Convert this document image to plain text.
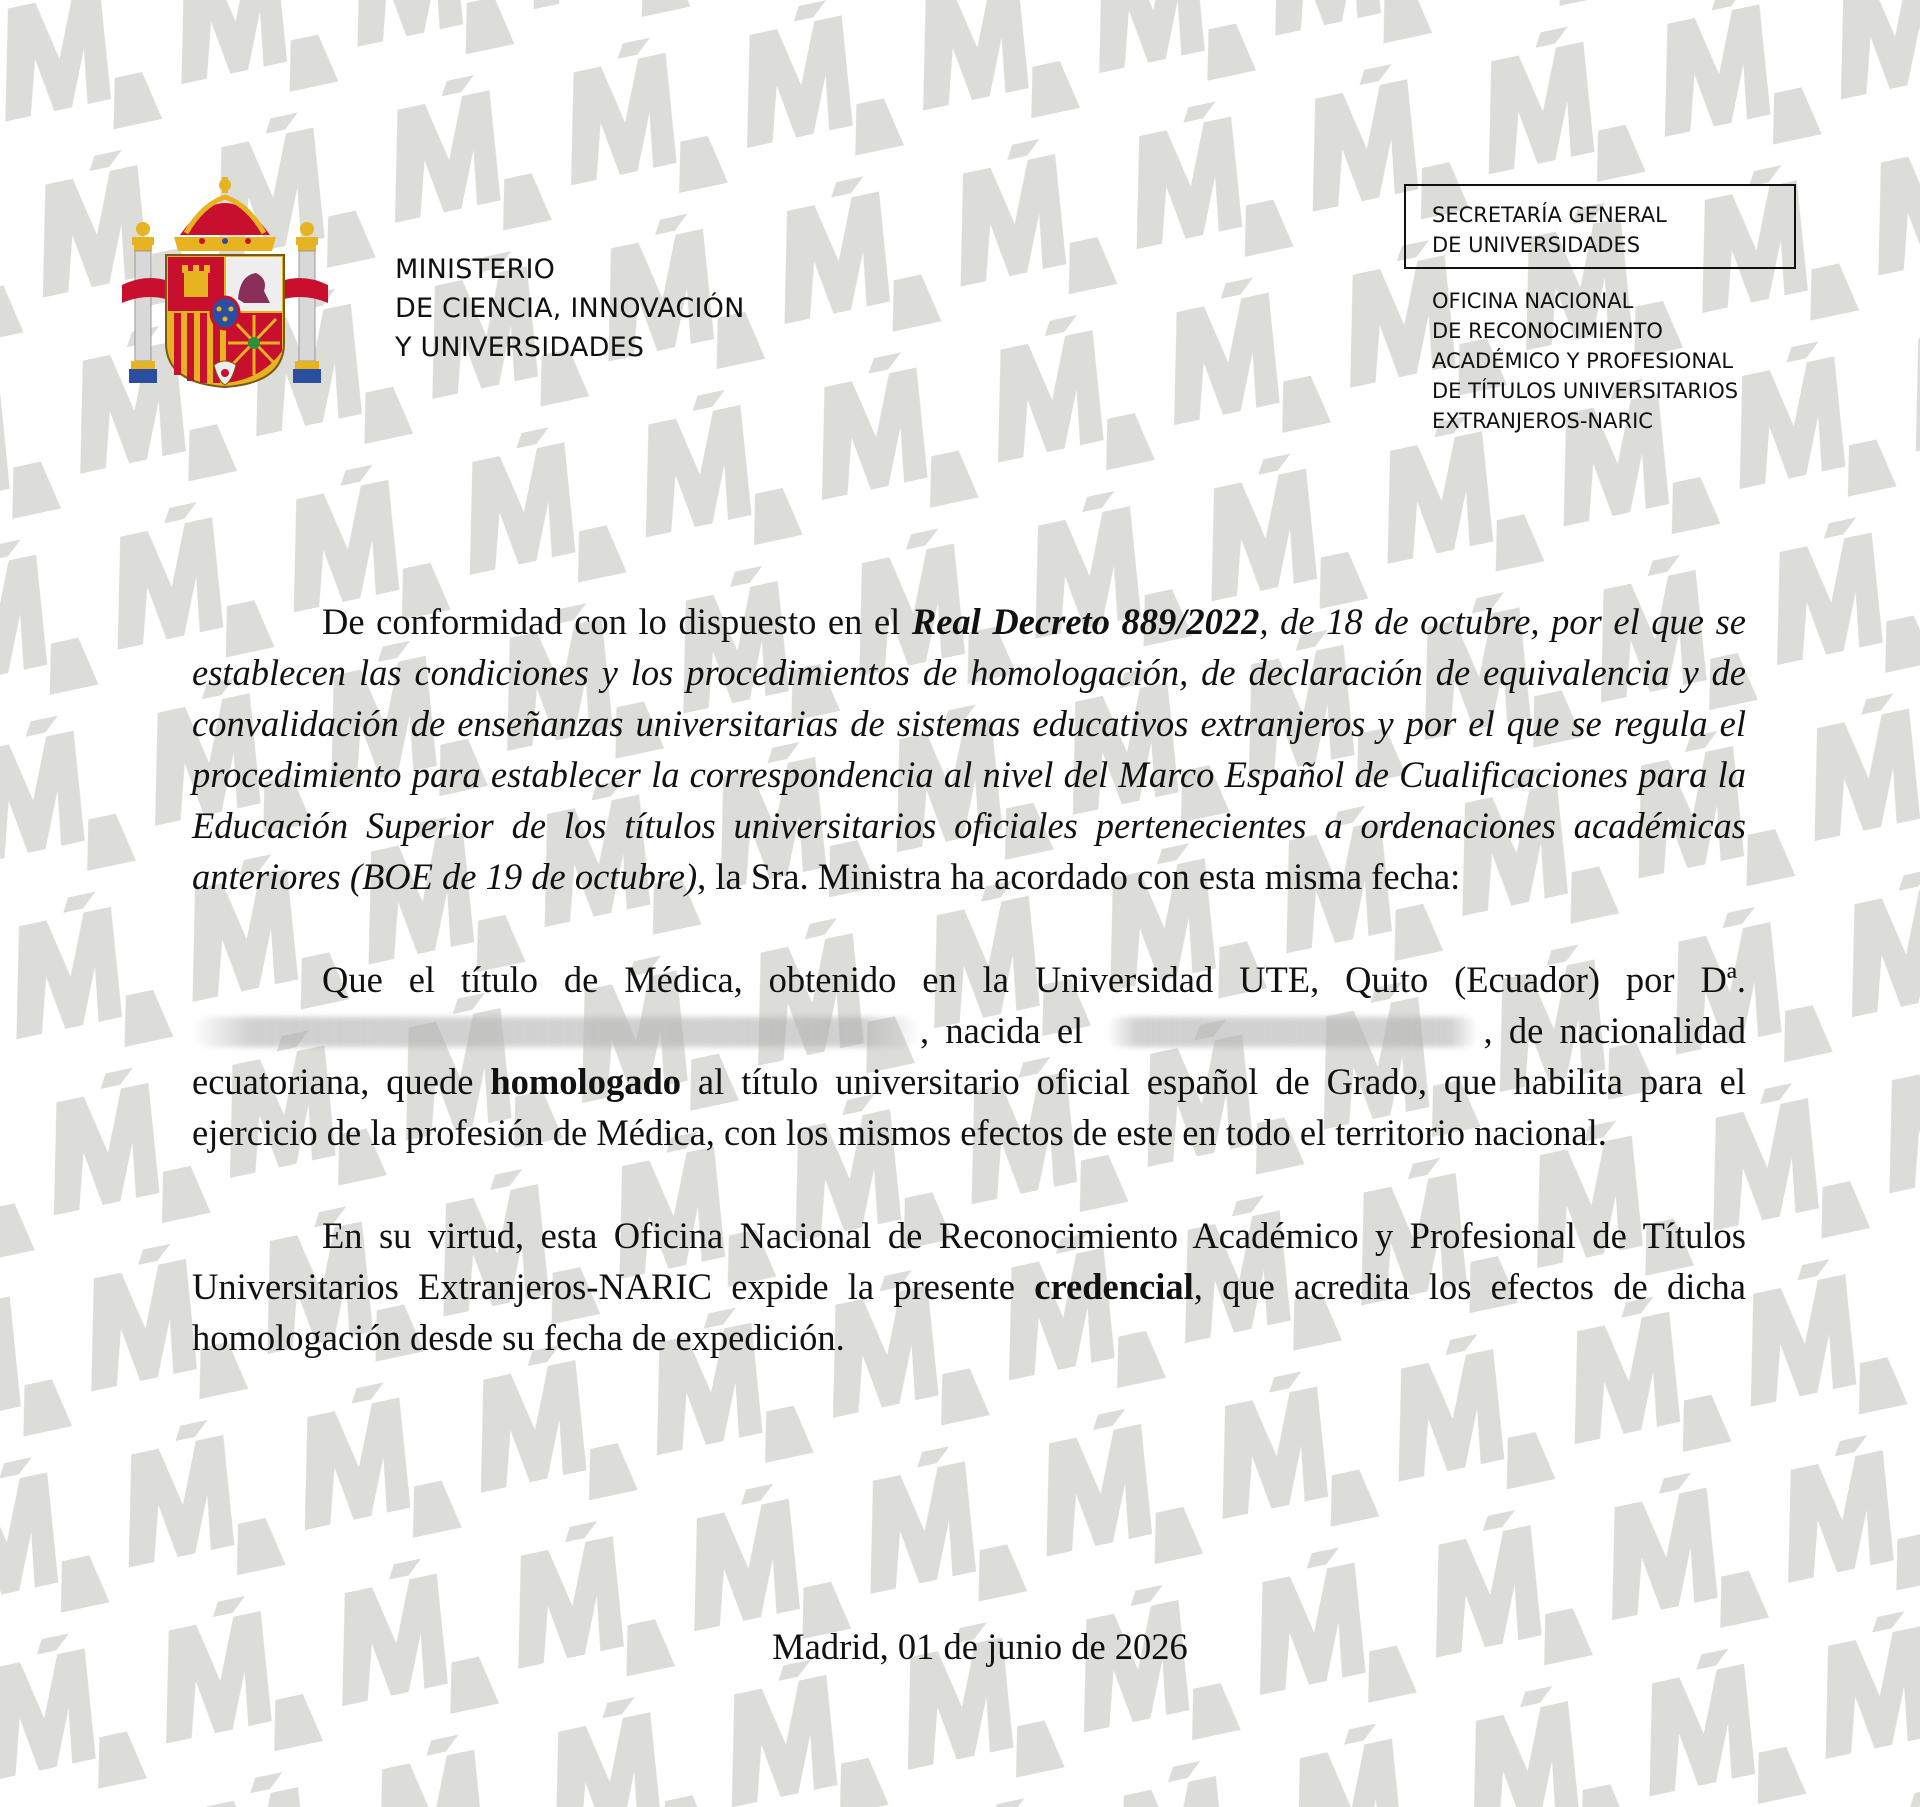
MINISTERIO
DE CIENCIA, INNOVACIÓN
Y UNIVERSIDADES
SECRETARÍA GENERAL
DE UNIVERSIDADES
OFICINA NACIONAL
DE RECONOCIMIENTO
ACADÉMICO Y PROFESIONAL
DE TÍTULOS UNIVERSITARIOS
EXTRANJEROS-NARIC

De conformidad con lo dispuesto en el Real Decreto 889/2022, de 18 de octubre, por el que se establecen las condiciones y los procedimientos de homologación, de declaración de equivalencia y de convalidación de enseñanzas universitarias de sistemas educativos extranjeros y por el que se regula el procedimiento para establecer la correspondencia al nivel del Marco Español de Cualificaciones para la Educación Superior de los títulos universitarios oficiales pertenecientes a ordenaciones académicas anteriores (BOE de 19 de octubre), la Sra. Ministra ha acordado con esta misma fecha:

Que el título de Médica, obtenido en la Universidad UTE, Quito (Ecuador) por Dª. , nacida el	, de nacionalidad ecuatoriana, quede homologado al título universitario oficial español de Grado, que habilita para el ejercicio de la profesión de Médica, con los mismos efectos de este en todo el territorio nacional.

En su virtud, esta Oficina Nacional de Reconocimiento Académico y Profesional de Títulos Universitarios Extranjeros-NARIC expide la presente credencial, que acredita los efectos de dicha homologación desde su fecha de expedición.

Madrid, 01 de junio de 2026
